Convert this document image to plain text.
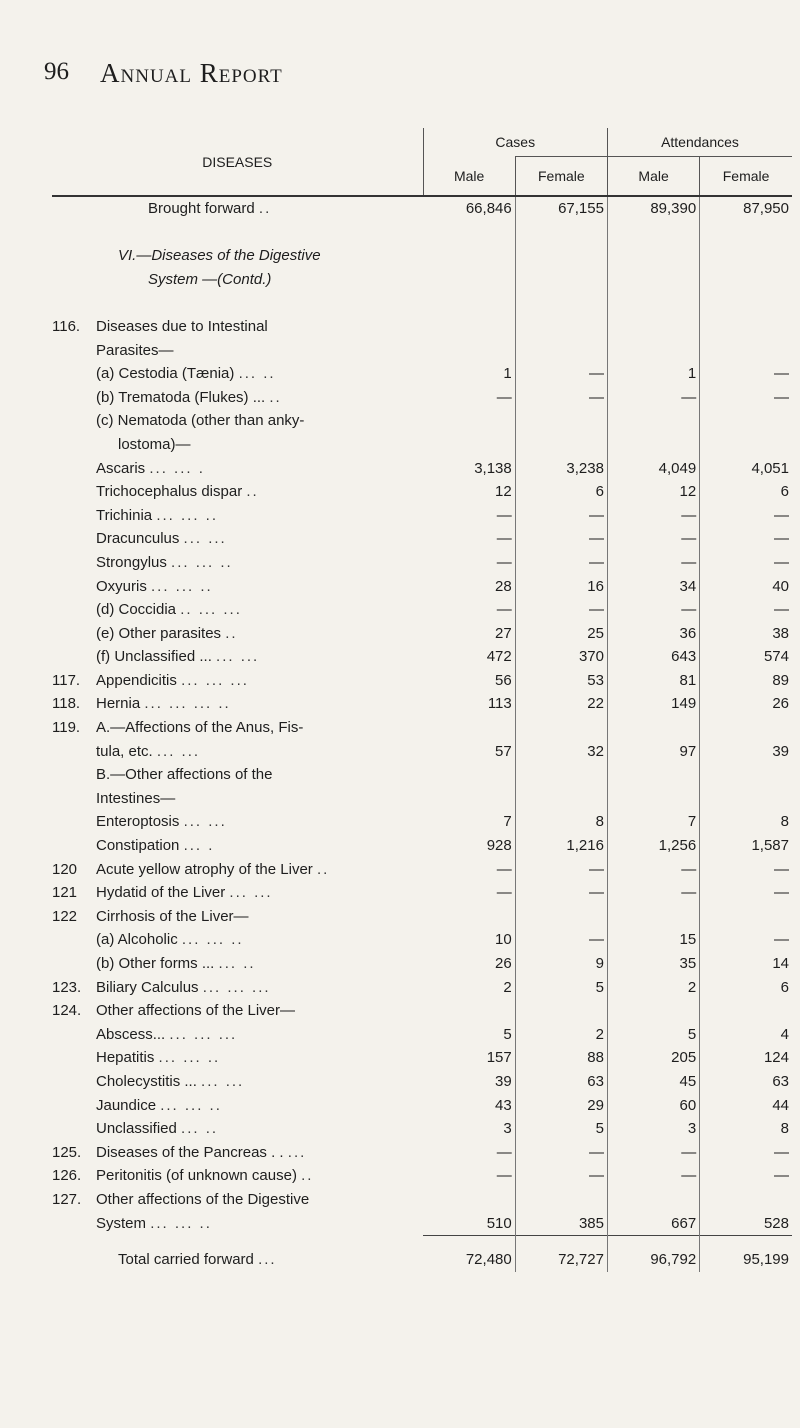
96 Annual Report
DISEASES	Cases		Attendances	
	Male	Female	Male	Female
Brought forward ..	66,846	67,155	89,390	87,950

VI.—Diseases of the Digestive				
System —(Contd.)				

116. Diseases due to Intestinal				
Parasites—				
(a) Cestodia (Tænia) ... ..	1	—	1	—
(b) Trematoda (Flukes) ... ..	—	—	—	—
(c) Nematoda (other than anky-				
lostoma)—				
Ascaris ... ... .	3,138	3,238	4,049	4,051
Trichocephalus dispar ..	12	6	12	6
Trichinia ... ... ..	—	—	—	—
Dracunculus ... ...	—	—	—	—
Strongylus ... ... ..	—	—	—	—
Oxyuris ... ... ..	28	16	34	40
(d) Coccidia .. ... ...	—	—	—	—
(e) Other parasites ..	27	25	36	38
(f) Unclassified ... ... ...	472	370	643	574
117. Appendicitis ... ... ...	56	53	81	89
118. Hernia ... ... ... ..	113	22	149	26
119. A.—Affections of the Anus, Fis-				
tula, etc. ... ...	57	32	97	39
B.—Other affections of the				
Intestines—				
Enteroptosis ... ...	7	8	7	8
Constipation ... .	928	1,216	1,256	1,587
120 Acute yellow atrophy of the Liver ..	—	—	—	—
121 Hydatid of the Liver ... ...	—	—	—	—
122 Cirrhosis of the Liver—				
(a) Alcoholic ... ... ..	10	—	15	—
(b) Other forms ... ... ..	26	9	35	14
123. Biliary Calculus ... ... ...	2	5	2	6
124. Other affections of the Liver—				
Abscess... ... ... ...	5	2	5	4
Hepatitis ... ... ..	157	88	205	124
Cholecystitis ... ... ...	39	63	45	63
Jaundice ... ... ..	43	29	60	44
Unclassified ... ..	3	5	3	8
125. Diseases of the Pancreas . . ...	—	—	—	—
126. Peritonitis (of unknown cause) ..	—	—	—	—
127. Other affections of the Digestive				
System ... ... ..	510	385	667	528
Total carried forward ...	72,480	72,727	96,792	95,199
